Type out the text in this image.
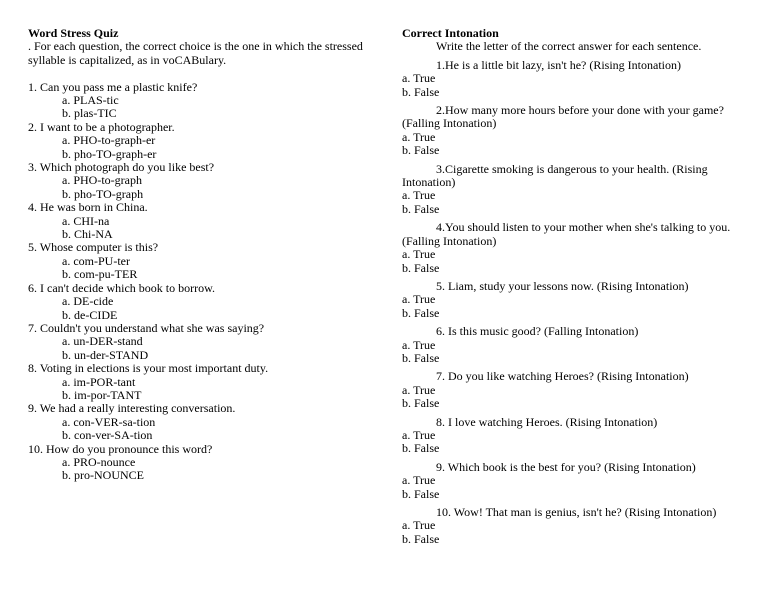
Word Stress Quiz
. For each question, the correct choice is the one in which the stressed syllable is capitalized, as in voCABulary.
1. Can you pass me a plastic knife?
a. PLAS-tic
b. plas-TIC
2. I want to be a photographer.
a. PHO-to-graph-er
b. pho-TO-graph-er
3. Which photograph do you like best?
a. PHO-to-graph
b. pho-TO-graph
4. He was born in China.
a. CHI-na
b. Chi-NA
5. Whose computer is this?
a. com-PU-ter
b. com-pu-TER
6. I can't decide which book to borrow.
a. DE-cide
b. de-CIDE
7. Couldn't you understand what she was saying?
a. un-DER-stand
b. un-der-STAND
8. Voting in elections is your most important duty.
a. im-POR-tant
b. im-por-TANT
9. We had a really interesting conversation.
a. con-VER-sa-tion
b. con-ver-SA-tion
10. How do you pronounce this word?
a. PRO-nounce
b. pro-NOUNCE
Correct Intonation
Write the letter of the correct answer for each sentence.
1.He is a little bit lazy, isn't he? (Rising Intonation)
a. True
b. False
2.How many more hours before your done with your game? (Falling Intonation)
a. True
b. False
3.Cigarette smoking is dangerous to your health. (Rising Intonation)
a. True
b. False
4.You should listen to your mother when she's talking to you. (Falling Intonation)
a. True
b. False
5. Liam, study your lessons now. (Rising Intonation)
a. True
b. False
6. Is this music good? (Falling Intonation)
a. True
b. False
7. Do you like watching Heroes? (Rising Intonation)
a. True
b. False
8. I love watching Heroes. (Rising Intonation)
a. True
b. False
9. Which book is the best for you? (Rising Intonation)
a. True
b. False
10. Wow! That man is genius, isn't he? (Rising Intonation)
a. True
b. False
